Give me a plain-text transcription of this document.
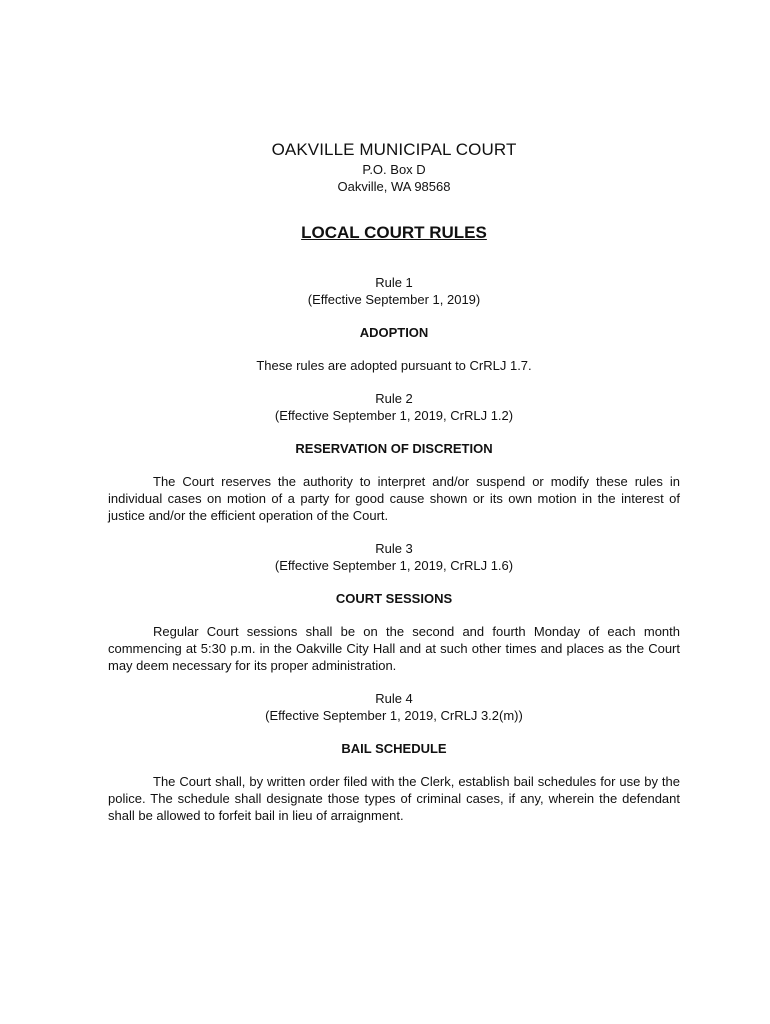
OAKVILLE MUNICIPAL COURT
P.O. Box D
Oakville, WA 98568
LOCAL COURT RULES
Rule 1
(Effective September 1, 2019)
ADOPTION
These rules are adopted pursuant to CrRLJ 1.7.
Rule 2
(Effective September 1, 2019, CrRLJ 1.2)
RESERVATION OF DISCRETION
The Court reserves the authority to interpret and/or suspend or modify these rules in individual cases on motion of a party for good cause shown or its own motion in the interest of justice and/or the efficient operation of the Court.
Rule 3
(Effective September 1, 2019, CrRLJ 1.6)
COURT SESSIONS
Regular Court sessions shall be on the second and fourth Monday of each month commencing at 5:30 p.m. in the Oakville City Hall and at such other times and places as the Court may deem necessary for its proper administration.
Rule 4
(Effective September 1, 2019, CrRLJ 3.2(m))
BAIL SCHEDULE
The Court shall, by written order filed with the Clerk, establish bail schedules for use by the police. The schedule shall designate those types of criminal cases, if any, wherein the defendant shall be allowed to forfeit bail in lieu of arraignment.
